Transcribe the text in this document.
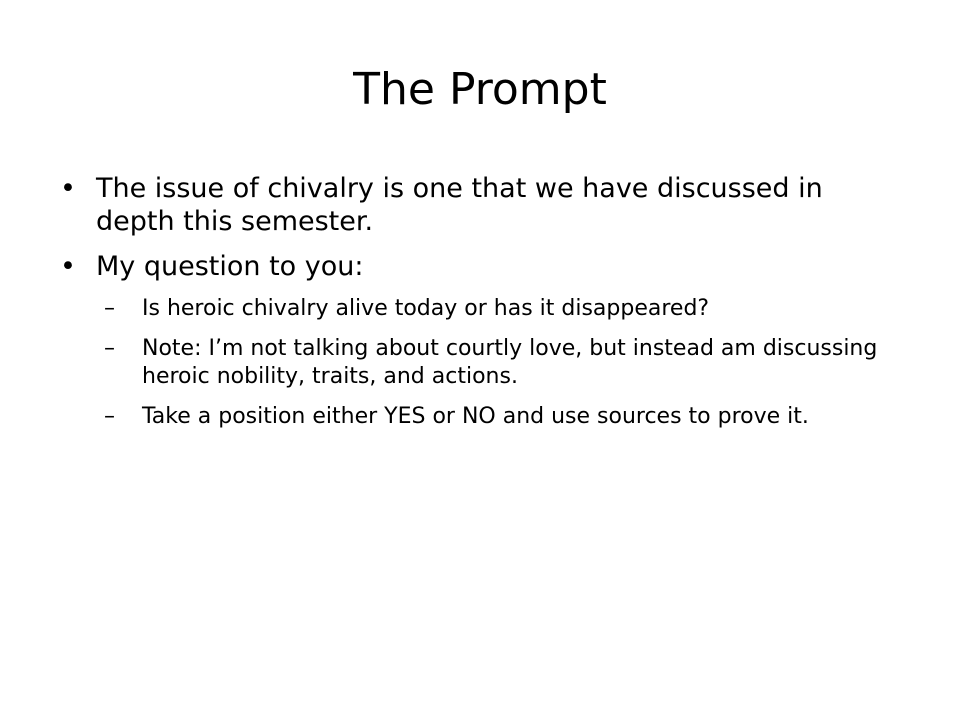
The Prompt
• The issue of chivalry is one that we have discussed in depth this semester.
• My question to you:
– Is heroic chivalry alive today or has it disappeared?
– Note: I’m not talking about courtly love, but instead am discussing heroic nobility, traits, and actions.
– Take a position either YES or NO and use sources to prove it.
